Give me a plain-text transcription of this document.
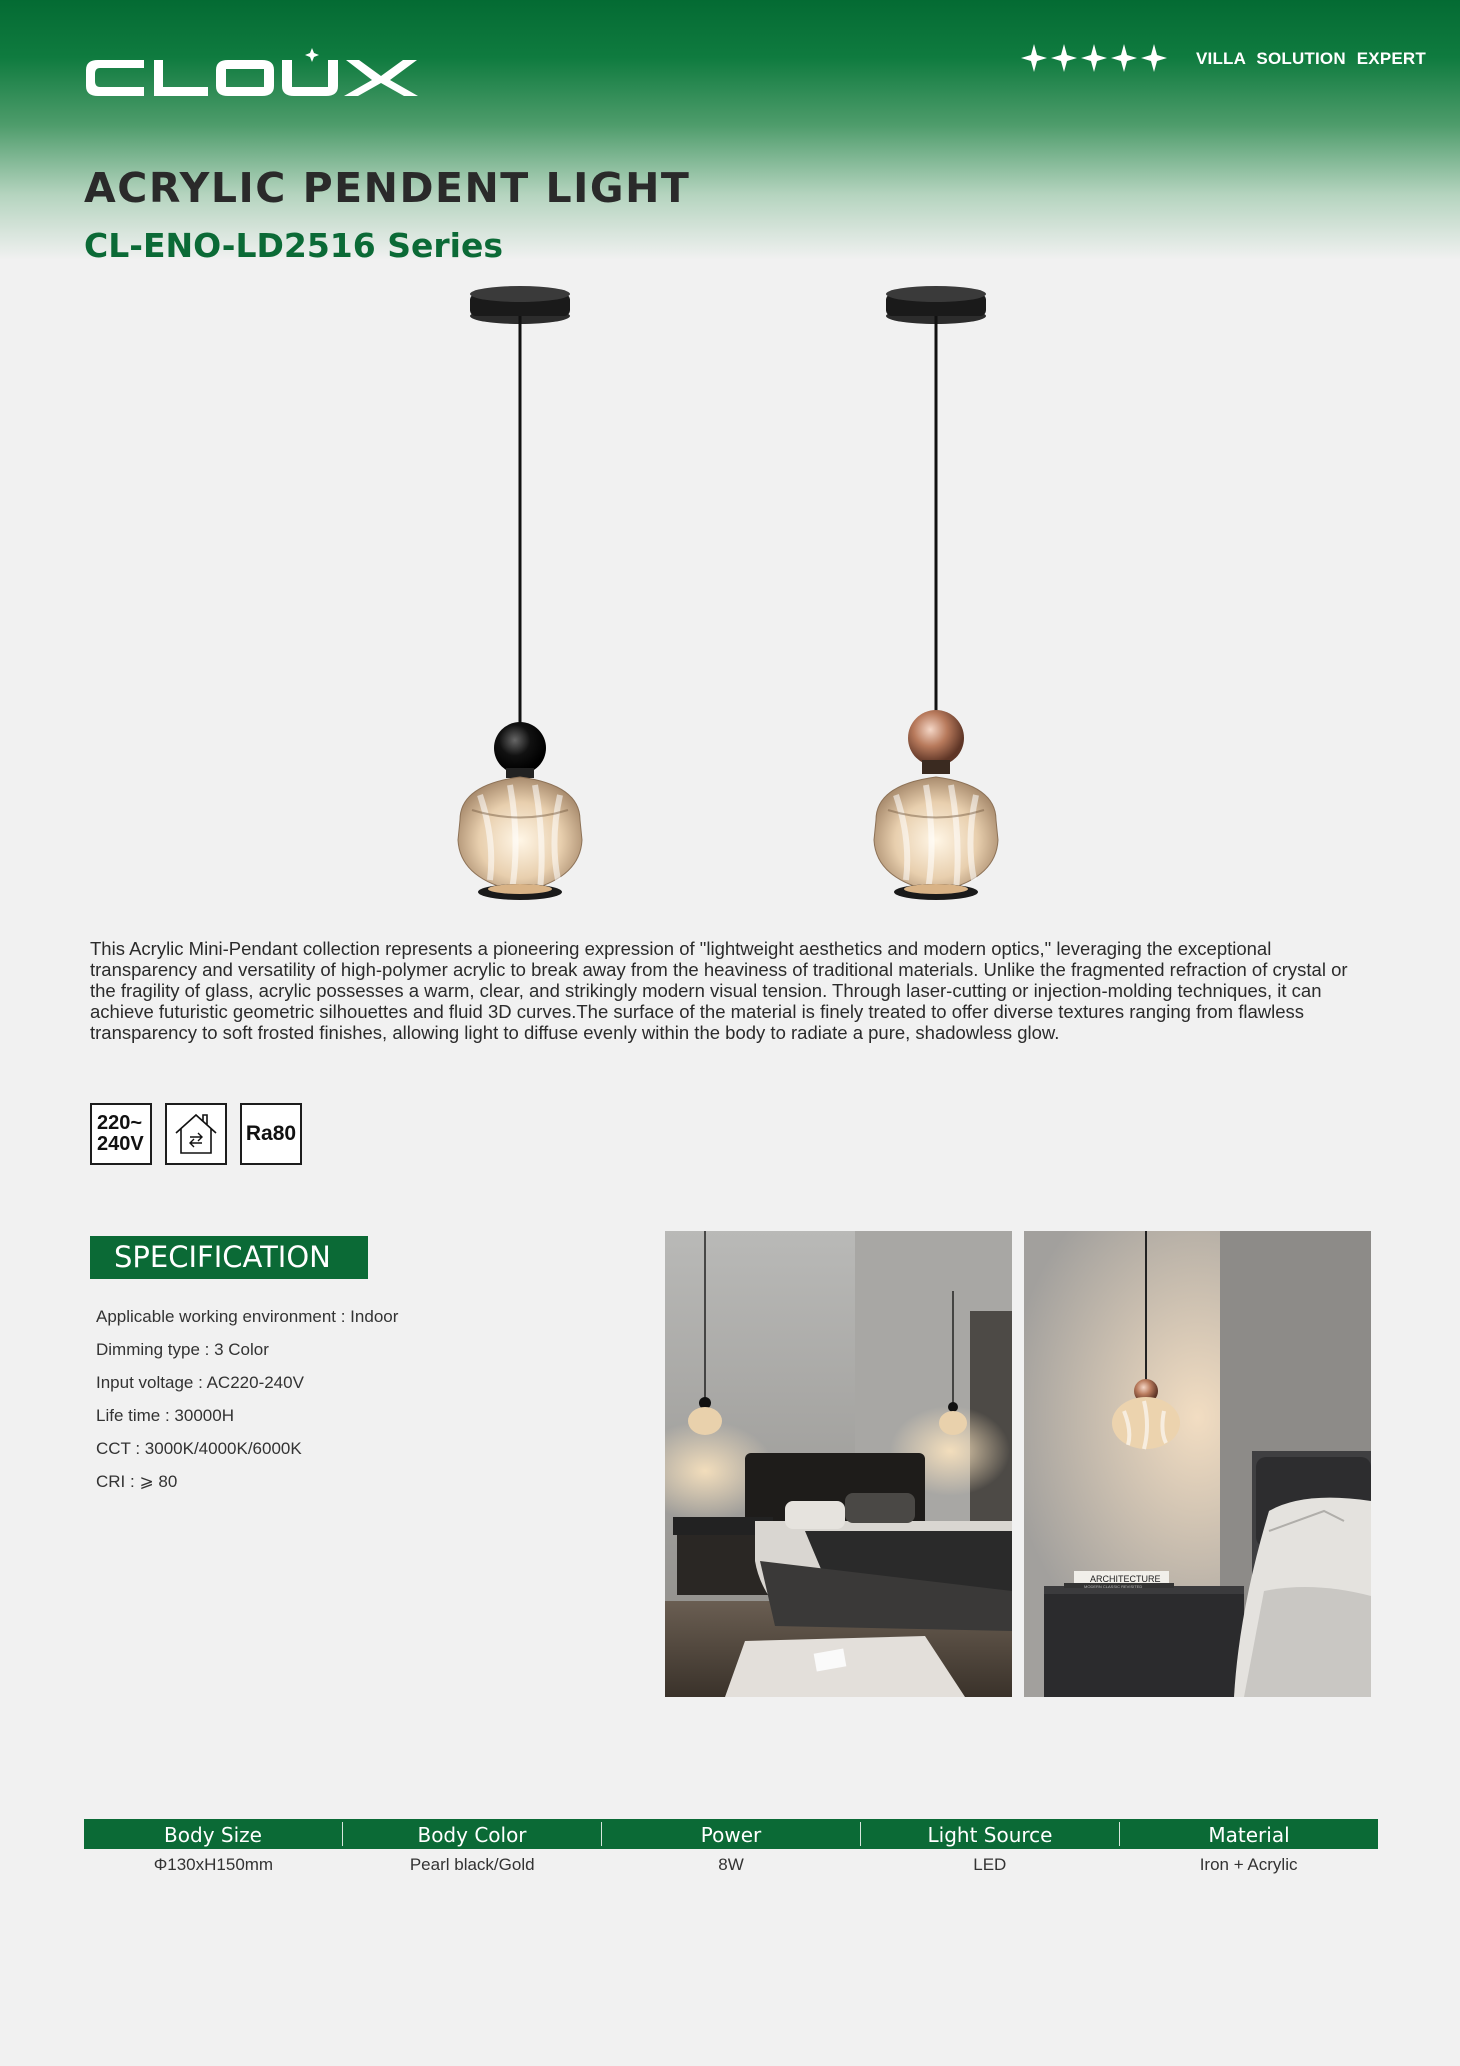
VILLA SOLUTION EXPERT
ACRYLIC PENDENT LIGHT
CL-ENO-LD2516 Series

This Acrylic Mini-Pendant collection represents a pioneering expression of "lightweight aesthetics and modern optics," leveraging the exceptional transparency and versatility of high-polymer acrylic to break away from the heaviness of traditional materials. Unlike the fragmented refraction of crystal or the fragility of glass, acrylic possesses a warm, clear, and strikingly modern visual tension. Through laser-cutting or injection-molding techniques, it can achieve futuristic geometric silhouettes and fluid 3D curves.The surface of the material is finely treated to offer diverse textures ranging from flawless transparency to soft frosted finishes, allowing light to diffuse evenly within the body to radiate a pure, shadowless glow.

220~
240V	Ra80
SPECIFICATION
Applicable working environment : Indoor
Dimming type : 3 Color
Input voltage : AC220-240V
Life time : 30000H
CCT : 3000K/4000K/6000K
CRI : ⩾ 80
ARCHITECTURE
MODERN CLASSIC REVISITED
Body Size	Body Color	Power	Light Source	Material
Φ130xH150mm	Pearl black/Gold	8W	LED	Iron + Acrylic
